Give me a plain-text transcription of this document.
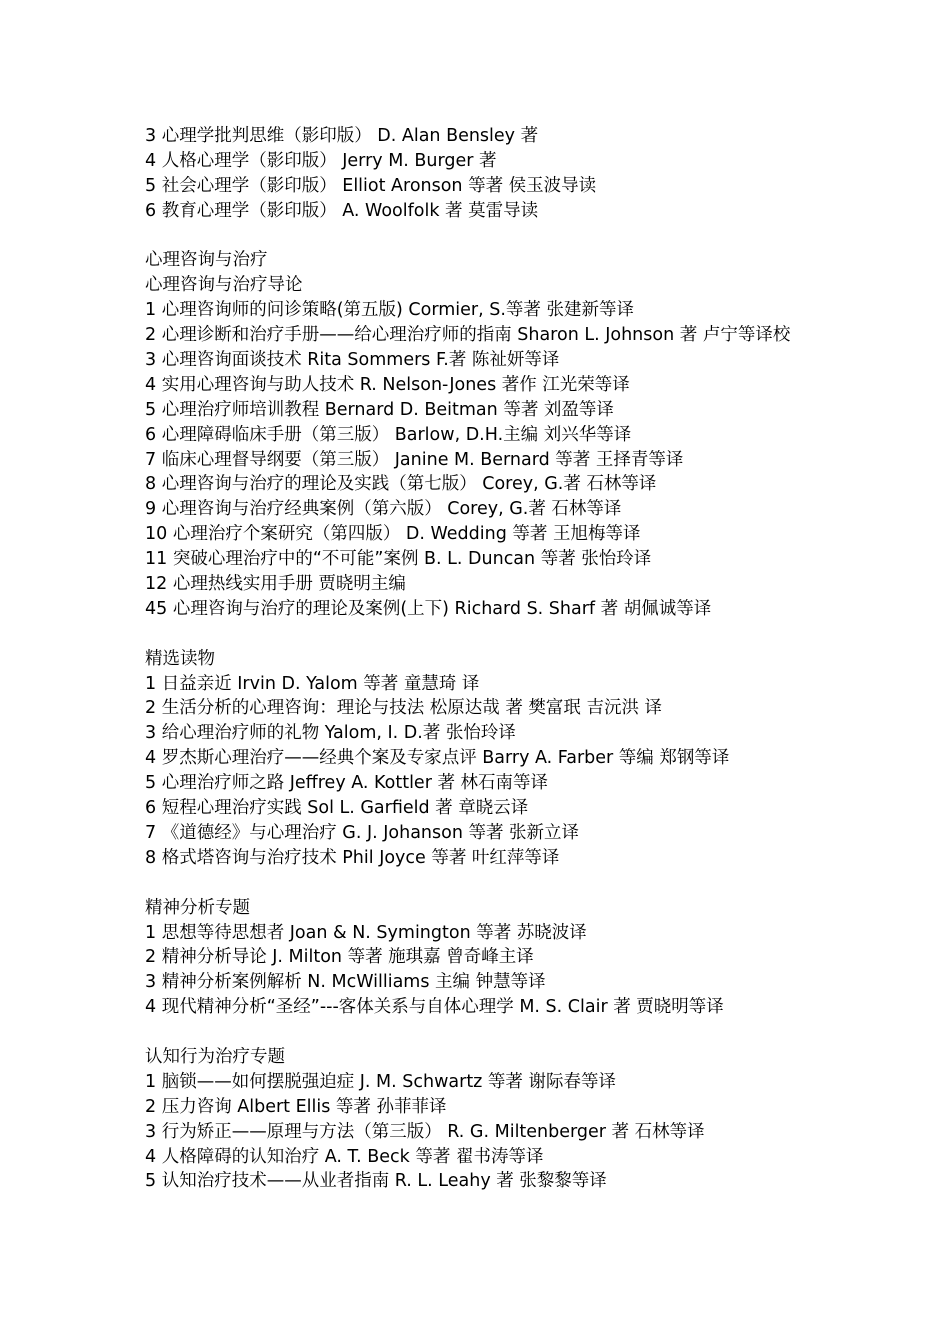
3 心理学批判思维（影印版） D. Alan Bensley 著
4 人格心理学（影印版） Jerry M. Burger 著
5 社会心理学（影印版） Elliot Aronson 等著 侯玉波导读
6 教育心理学（影印版） A. Woolfolk 著 莫雷导读
心理咨询与治疗
心理咨询与治疗导论
1 心理咨询师的问诊策略(第五版) Cormier, S.等著 张建新等译
2 心理诊断和治疗手册——给心理治疗师的指南 Sharon L. Johnson 著 卢宁等译校
3 心理咨询面谈技术 Rita Sommers F.著 陈祉妍等译
4 实用心理咨询与助人技术 R. Nelson-Jones 著作 江光荣等译
5 心理治疗师培训教程 Bernard D. Beitman 等著 刘盈等译
6 心理障碍临床手册（第三版） Barlow, D.H.主编 刘兴华等译
7 临床心理督导纲要（第三版） Janine M. Bernard 等著 王择青等译
8 心理咨询与治疗的理论及实践（第七版） Corey, G.著 石林等译
9 心理咨询与治疗经典案例（第六版） Corey, G.著 石林等译
10 心理治疗个案研究（第四版） D. Wedding 等著 王旭梅等译
11 突破心理治疗中的“不可能”案例 B. L. Duncan 等著 张怡玲译
12 心理热线实用手册 贾晓明主编
45 心理咨询与治疗的理论及案例(上下) Richard S. Sharf 著 胡佩诚等译
精选读物
1 日益亲近 Irvin D. Yalom 等著 童慧琦 译
2 生活分析的心理咨询：理论与技法 松原达哉 著 樊富珉 吉沅洪 译
3 给心理治疗师的礼物 Yalom, I. D.著 张怡玲译
4 罗杰斯心理治疗——经典个案及专家点评 Barry A. Farber 等编 郑钢等译
5 心理治疗师之路 Jeffrey A. Kottler 著 林石南等译
6 短程心理治疗实践 Sol L. Garfield 著 章晓云译
7 《道德经》与心理治疗 G. J. Johanson 等著 张新立译
8 格式塔咨询与治疗技术 Phil Joyce 等著 叶红萍等译
精神分析专题
1 思想等待思想者 Joan & N. Symington 等著 苏晓波译
2 精神分析导论 J. Milton 等著 施琪嘉 曾奇峰主译
3 精神分析案例解析 N. McWilliams 主编 钟慧等译
4 现代精神分析“圣经”---客体关系与自体心理学 M. S. Clair 著 贾晓明等译
认知行为治疗专题
1 脑锁——如何摆脱强迫症 J. M. Schwartz 等著 谢际春等译
2 压力咨询 Albert Ellis 等著 孙菲菲译
3 行为矫正——原理与方法（第三版） R. G. Miltenberger 著 石林等译
4 人格障碍的认知治疗 A. T. Beck 等著 翟书涛等译
5 认知治疗技术——从业者指南 R. L. Leahy 著 张黎黎等译
